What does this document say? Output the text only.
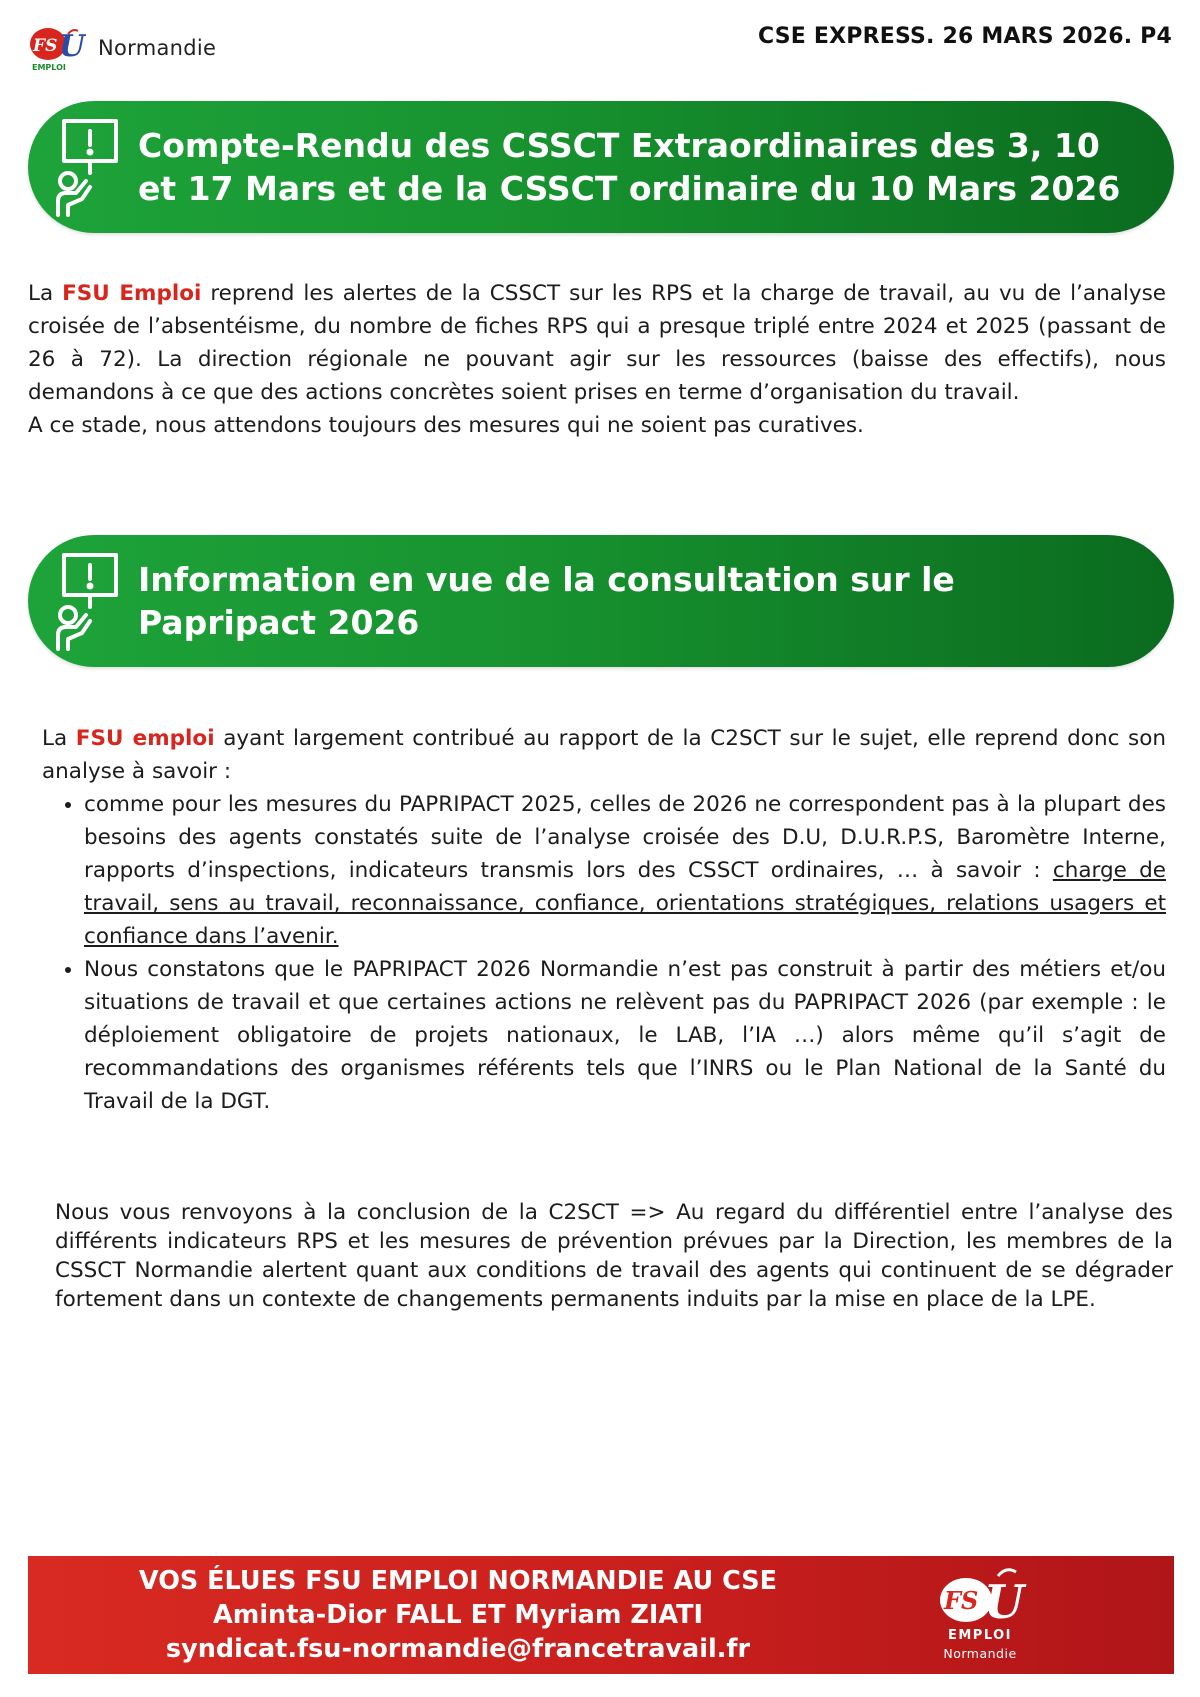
FS U
EMPLOI
Normandie	CSE EXPRESS. 26 MARS 2026. P4
Compte-Rendu des CSSCT Extraordinaires des 3, 10 et 17 Mars et de la CSSCT ordinaire du 10 Mars 2026

La FSU Emploi reprend les alertes de la CSSCT sur les RPS et la charge de travail, au vu de l’analyse croisée de l’absentéisme, du nombre de fiches RPS qui a presque triplé entre 2024 et 2025 (passant de 26 à 72). La direction régionale ne pouvant agir sur les ressources (baisse des effectifs), nous demandons à ce que des actions concrètes soient prises en terme d’organisation du travail.

A ce stade, nous attendons toujours des mesures qui ne soient pas curatives.

Information en vue de la consultation sur le Papripact 2026

La FSU emploi ayant largement contribué au rapport de la C2SCT sur le sujet, elle reprend donc son analyse à savoir :

• comme pour les mesures du PAPRIPACT 2025, celles de 2026 ne correspondent pas à la plupart des besoins des agents constatés suite de l’analyse croisée des D.U, D.U.R.P.S, Baromètre Interne, rapports d’inspections, indicateurs transmis lors des CSSCT ordinaires, … à savoir : charge de travail, sens au travail, reconnaissance, confiance, orientations stratégiques, relations usagers et confiance dans l’avenir.
• Nous constatons que le PAPRIPACT 2026 Normandie n’est pas construit à partir des métiers et/ou situations de travail et que certaines actions ne relèvent pas du PAPRIPACT 2026 (par exemple : le déploiement obligatoire de projets nationaux, le LAB, l’IA …) alors même qu’il s’agit de recommandations des organismes référents tels que l’INRS ou le Plan National de la Santé du Travail de la DGT.
Nous vous renvoyons à la conclusion de la C2SCT => Au regard du différentiel entre l’analyse des différents indicateurs RPS et les mesures de prévention prévues par la Direction, les membres de la CSSCT Normandie alertent quant aux conditions de travail des agents qui continuent de se dégrader fortement dans un contexte de changements permanents induits par la mise en place de la LPE.
VOS ÉLUES FSU EMPLOI NORMANDIE AU CSE
Aminta-Dior FALL ET Myriam ZIATI
syndicat.fsu-normandie@francetravail.fr
FS U
EMPLOI
Normandie
